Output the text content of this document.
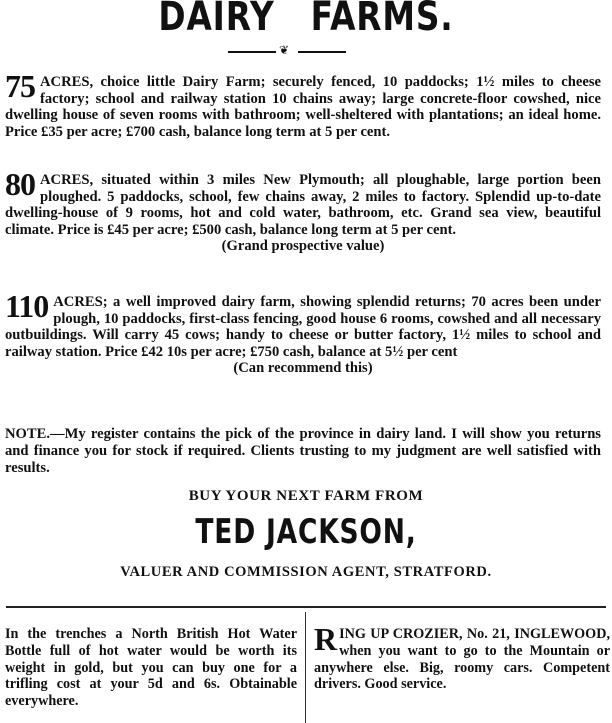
DAIRY FARMS.
❦
75 ACRES, choice little Dairy Farm; securely fenced, 10 paddocks; 1½ miles to cheese factory; school and railway station 10 chains away; large concrete-floor cowshed, nice dwelling house of seven rooms with bathroom; well-sheltered with plantations; an ideal home. Price £35 per acre; £700 cash, balance long term at 5 per cent.
80 ACRES, situated within 3 miles New Plymouth; all ploughable, large portion been ploughed. 5 paddocks, school, few chains away, 2 miles to factory. Splendid up-to-date dwelling-house of 9 rooms, hot and cold water, bathroom, etc. Grand sea view, beautiful climate. Price is £45 per acre; £500 cash, balance long term at 5 per cent.
(Grand prospective value)
110 ACRES; a well improved dairy farm, showing splendid returns; 70 acres been under plough, 10 paddocks, first-class fencing, good house 6 rooms, cowshed and all necessary outbuildings. Will carry 45 cows; handy to cheese or butter factory, 1½ miles to school and railway station. Price £42 10s per acre; £750 cash, balance at 5½ per cent
(Can recommend this)
NOTE.—My register contains the pick of the province in dairy land. I will show you returns and finance you for stock if required. Clients trusting to my judgment are well satisfied with results.
BUY YOUR NEXT FARM FROM
TED JACKSON,
VALUER AND COMMISSION AGENT, STRATFORD.
In the trenches a North British Hot Water Bottle full of hot water would be worth its weight in gold, but you can buy one for a trifling cost at your 5d and 6s. Obtainable everywhere.
RING UP CROZIER, No. 21, INGLEWOOD, when you want to go to the Mountain or anywhere else. Big, roomy cars. Competent drivers. Good service.
